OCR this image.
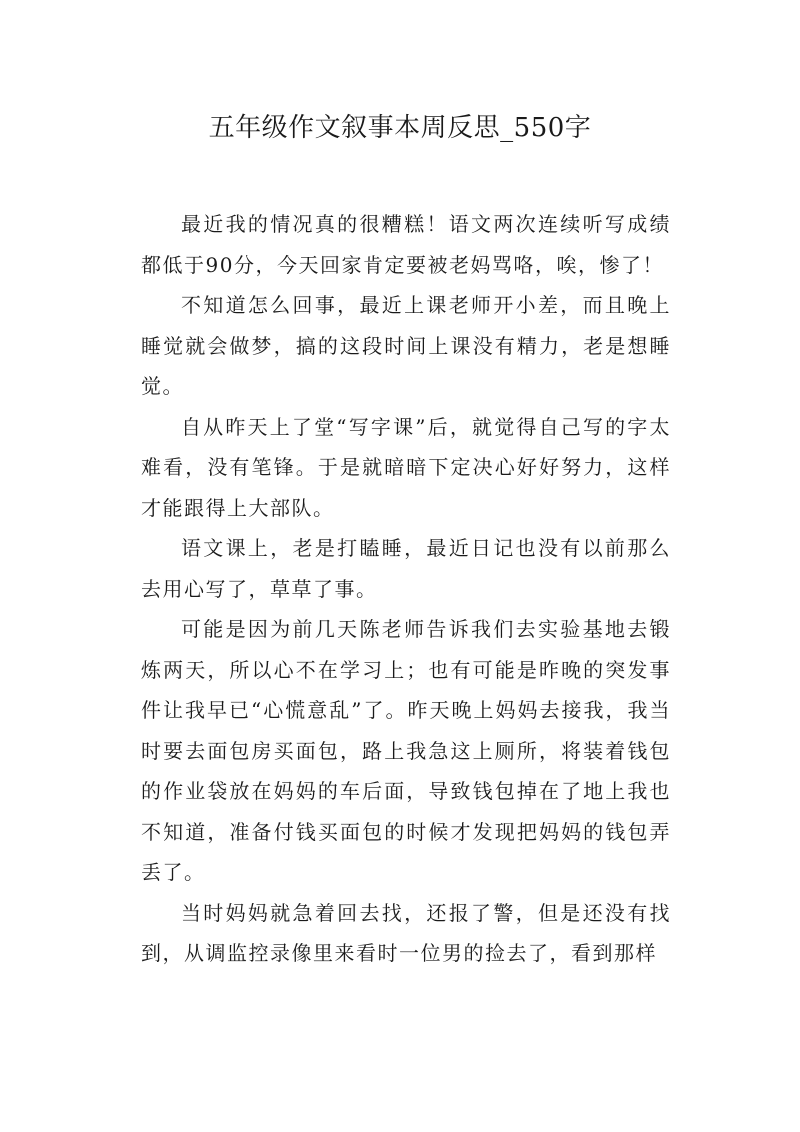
五年级作文叙事本周反思_550字

最近我的情况真的很糟糕！语文两次连续听写成绩都低于90分，今天回家肯定要被老妈骂咯，唉，惨了！

不知道怎么回事，最近上课老师开小差，而且晚上睡觉就会做梦，搞的这段时间上课没有精力，老是想睡觉。

自从昨天上了堂“写字课”后，就觉得自己写的字太难看，没有笔锋。于是就暗暗下定决心好好努力，这样才能跟得上大部队。

语文课上，老是打瞌睡，最近日记也没有以前那么去用心写了，草草了事。

可能是因为前几天陈老师告诉我们去实验基地去锻炼两天，所以心不在学习上；也有可能是昨晚的突发事件让我早已“心慌意乱”了。昨天晚上妈妈去接我，我当时要去面包房买面包，路上我急这上厕所，将装着钱包的作业袋放在妈妈的车后面，导致钱包掉在了地上我也不知道，准备付钱买面包的时候才发现把妈妈的钱包弄丢了。

当时妈妈就急着回去找，还报了警，但是还没有找到，从调监控录像里来看时一位男的捡去了，看到那样
